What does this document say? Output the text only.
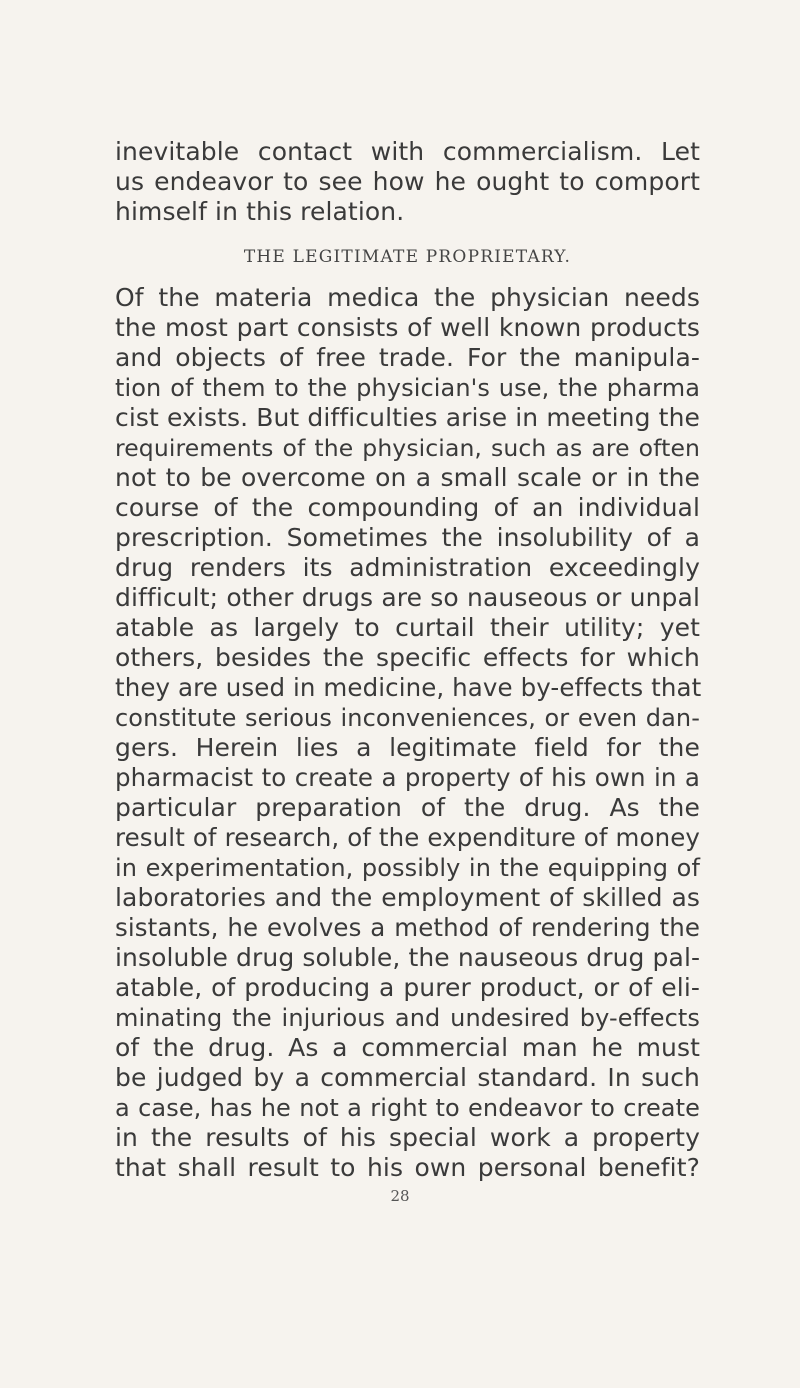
inevitable contact with commercialism. Let
us endeavor to see how he ought to comport
himself in this relation.
THE LEGITIMATE PROPRIETARY.
Of the materia medica the physician needs
the most part consists of well known products
and objects of free trade. For the manipula-
tion of them to the physician's use, the pharma
cist exists. But difficulties arise in meeting the
requirements of the physician, such as are often
not to be overcome on a small scale or in the
course of the compounding of an individual
prescription. Sometimes the insolubility of a
drug renders its administration exceedingly
difficult; other drugs are so nauseous or unpal
atable as largely to curtail their utility; yet
others, besides the specific effects for which
they are used in medicine, have by-effects that
constitute serious inconveniences, or even dan-
gers. Herein lies a legitimate field for the
pharmacist to create a property of his own in a
particular preparation of the drug. As the
result of research, of the expenditure of money
in experimentation, possibly in the equipping of
laboratories and the employment of skilled as
sistants, he evolves a method of rendering the
insoluble drug soluble, the nauseous drug pal-
atable, of producing a purer product, or of eli-
minating the injurious and undesired by-effects
of the drug. As a commercial man he must
be judged by a commercial standard. In such
a case, has he not a right to endeavor to create
in the results of his special work a property
that shall result to his own personal benefit?
28
